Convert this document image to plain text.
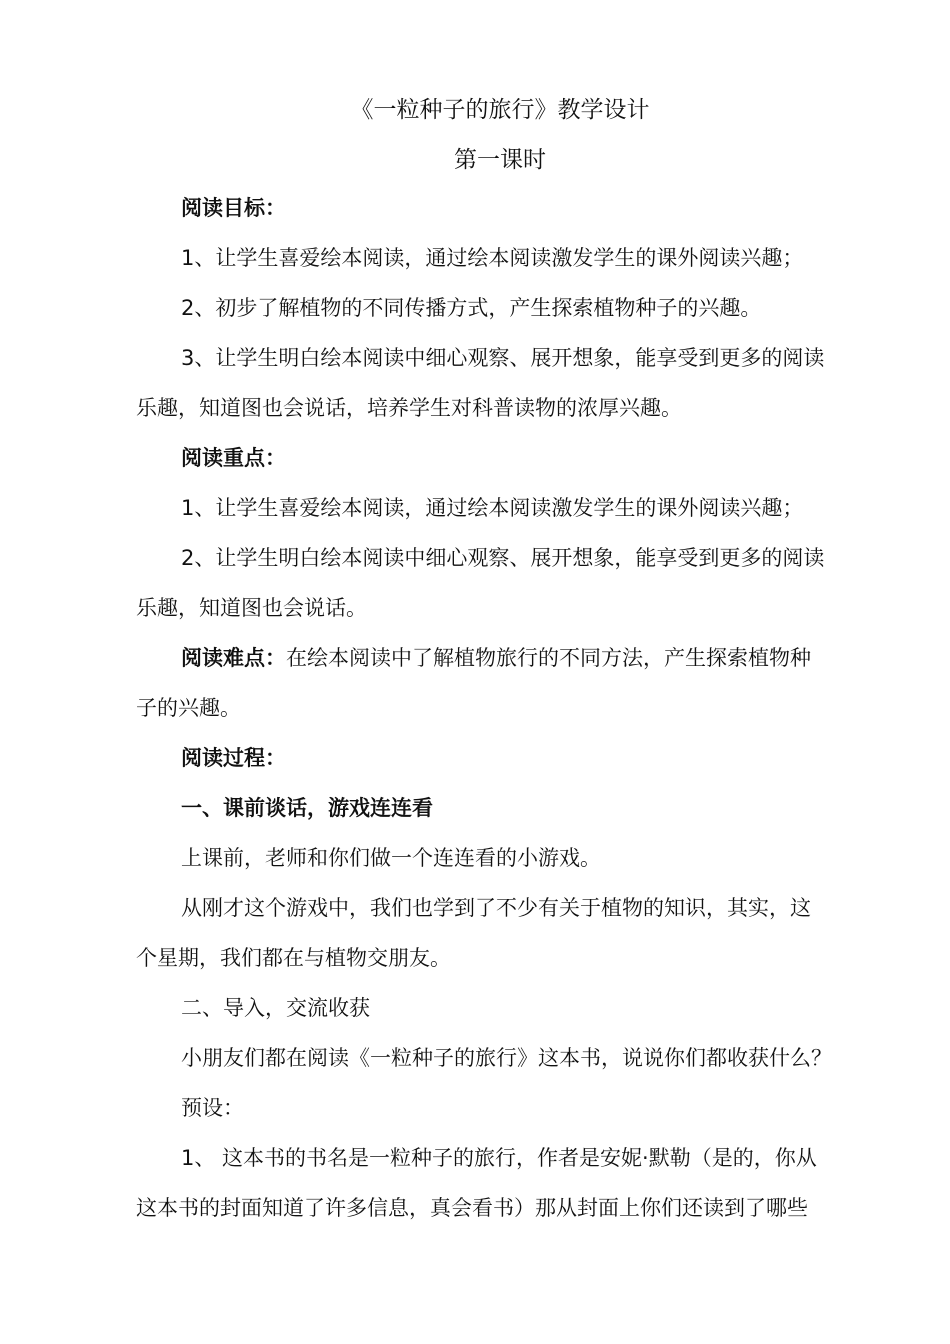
《一粒种子的旅行》教学设计
第一课时
阅读目标：
1、让学生喜爱绘本阅读，通过绘本阅读激发学生的课外阅读兴趣；
2、初步了解植物的不同传播方式，产生探索植物种子的兴趣。
3、让学生明白绘本阅读中细心观察、展开想象，能享受到更多的阅读
乐趣，知道图也会说话，培养学生对科普读物的浓厚兴趣。
阅读重点：
1、让学生喜爱绘本阅读，通过绘本阅读激发学生的课外阅读兴趣；
2、让学生明白绘本阅读中细心观察、展开想象，能享受到更多的阅读
乐趣，知道图也会说话。
阅读难点：在绘本阅读中了解植物旅行的不同方法，产生探索植物种
子的兴趣。
阅读过程：
一、课前谈话，游戏连连看
上课前，老师和你们做一个连连看的小游戏。
从刚才这个游戏中，我们也学到了不少有关于植物的知识，其实，这
个星期，我们都在与植物交朋友。
二、导入，交流收获
小朋友们都在阅读《一粒种子的旅行》这本书，说说你们都收获什么？
预设：
1、 这本书的书名是一粒种子的旅行，作者是安妮·默勒（是的，你从
这本书的封面知道了许多信息，真会看书）那从封面上你们还读到了哪些
